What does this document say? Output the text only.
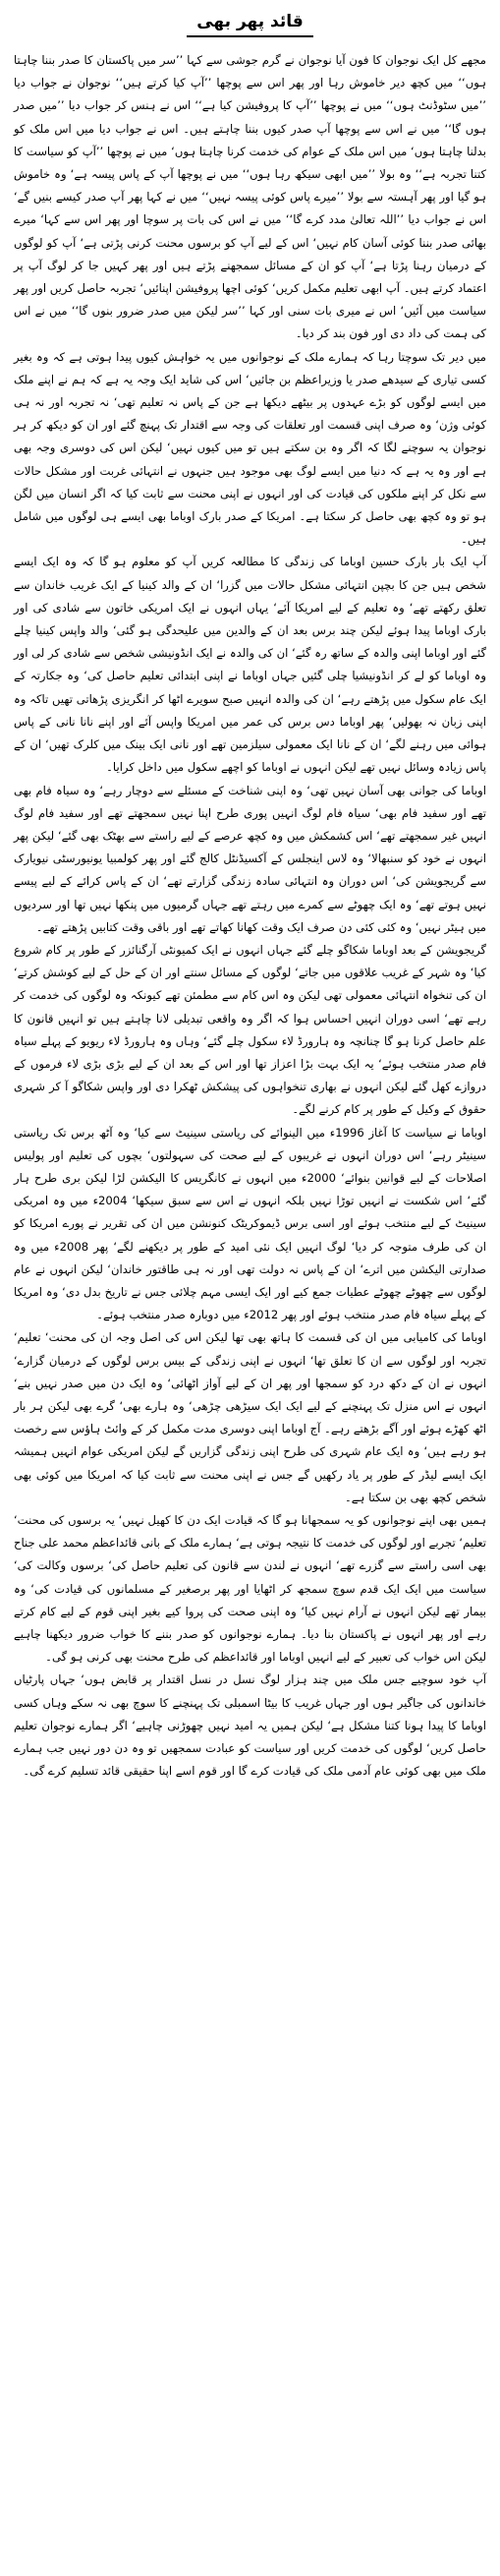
قائد پھر بھی

مجھے کل ایک نوجوان کا فون آیا نوجوان نے گرم جوشی سے کہا ’’سر میں پاکستان کا صدر بننا چاہتا ہوں‘‘ میں کچھ دیر خاموش رہا اور پھر اس سے پوچھا ’’آپ کیا کرتے ہیں‘‘ نوجوان نے جواب دیا ’’میں سٹوڈنٹ ہوں‘‘ میں نے پوچھا ’’آپ کا پروفیشن کیا ہے‘‘ اس نے ہنس کر جواب دیا ’’میں صدر ہوں گا‘‘ میں نے اس سے پوچھا آپ صدر کیوں بننا چاہتے ہیں۔ اس نے جواب دیا میں اس ملک کو بدلنا چاہتا ہوں‘ میں اس ملک کے عوام کی خدمت کرنا چاہتا ہوں‘ میں نے پوچھا ’’آپ کو سیاست کا کتنا تجربہ ہے‘‘ وہ بولا ’’میں ابھی سیکھ رہا ہوں‘‘ میں نے پوچھا آپ کے پاس پیسہ ہے‘ وہ خاموش ہو گیا اور پھر آہستہ سے بولا ’’میرے پاس کوئی پیسہ نہیں‘‘ میں نے کہا پھر آپ صدر کیسے بنیں گے‘ اس نے جواب دیا ’’اللہ تعالیٰ مدد کرے گا‘‘ میں نے اس کی بات پر سوچا اور پھر اس سے کہا‘ میرے بھائی صدر بننا کوئی آسان کام نہیں‘ اس کے لیے آپ کو برسوں محنت کرنی پڑتی ہے‘ آپ کو لوگوں کے درمیان رہنا پڑتا ہے‘ آپ کو ان کے مسائل سمجھنے پڑتے ہیں اور پھر کہیں جا کر لوگ آپ پر اعتماد کرتے ہیں۔ آپ ابھی تعلیم مکمل کریں‘ کوئی اچھا پروفیشن اپنائیں‘ تجربہ حاصل کریں اور پھر سیاست میں آئیں‘ اس نے میری بات سنی اور کہا ’’سر لیکن میں صدر ضرور بنوں گا‘‘ میں نے اس کی ہمت کی داد دی اور فون بند کر دیا۔

میں دیر تک سوچتا رہا کہ ہمارے ملک کے نوجوانوں میں یہ خواہش کیوں پیدا ہوتی ہے کہ وہ بغیر کسی تیاری کے سیدھے صدر یا وزیراعظم بن جائیں‘ اس کی شاید ایک وجہ یہ ہے کہ ہم نے اپنے ملک میں ایسے لوگوں کو بڑے عہدوں پر بیٹھے دیکھا ہے جن کے پاس نہ تعلیم تھی‘ نہ تجربہ اور نہ ہی کوئی وژن‘ وہ صرف اپنی قسمت اور تعلقات کی وجہ سے اقتدار تک پہنچ گئے اور ان کو دیکھ کر ہر نوجوان یہ سوچنے لگا کہ اگر وہ بن سکتے ہیں تو میں کیوں نہیں‘ لیکن اس کی دوسری وجہ بھی ہے اور وہ یہ ہے کہ دنیا میں ایسے لوگ بھی موجود ہیں جنہوں نے انتہائی غربت اور مشکل حالات سے نکل کر اپنے ملکوں کی قیادت کی اور انہوں نے اپنی محنت سے ثابت کیا کہ اگر انسان میں لگن ہو تو وہ کچھ بھی حاصل کر سکتا ہے۔ امریکا کے صدر بارک اوباما بھی ایسے ہی لوگوں میں شامل ہیں۔

آپ ایک بار بارک حسین اوباما کی زندگی کا مطالعہ کریں آپ کو معلوم ہو گا کہ وہ ایک ایسے شخص ہیں جن کا بچپن انتہائی مشکل حالات میں گزرا‘ ان کے والد کینیا کے ایک غریب خاندان سے تعلق رکھتے تھے‘ وہ تعلیم کے لیے امریکا آئے‘ یہاں انہوں نے ایک امریکی خاتون سے شادی کی اور بارک اوباما پیدا ہوئے لیکن چند برس بعد ان کے والدین میں علیحدگی ہو گئی‘ والد واپس کینیا چلے گئے اور اوباما اپنی والدہ کے ساتھ رہ گئے‘ ان کی والدہ نے ایک انڈونیشی شخص سے شادی کر لی اور وہ اوباما کو لے کر انڈونیشیا چلی گئیں جہاں اوباما نے اپنی ابتدائی تعلیم حاصل کی‘ وہ جکارتہ کے ایک عام سکول میں پڑھتے رہے‘ ان کی والدہ انہیں صبح سویرے اٹھا کر انگریزی پڑھاتی تھیں تاکہ وہ اپنی زبان نہ بھولیں‘ پھر اوباما دس برس کی عمر میں امریکا واپس آئے اور اپنے نانا نانی کے پاس ہوائی میں رہنے لگے‘ ان کے نانا ایک معمولی سیلزمین تھے اور نانی ایک بینک میں کلرک تھیں‘ ان کے پاس زیادہ وسائل نہیں تھے لیکن انہوں نے اوباما کو اچھے سکول میں داخل کرایا۔

اوباما کی جوانی بھی آسان نہیں تھی‘ وہ اپنی شناخت کے مسئلے سے دوچار رہے‘ وہ سیاہ فام بھی تھے اور سفید فام بھی‘ سیاہ فام لوگ انہیں پوری طرح اپنا نہیں سمجھتے تھے اور سفید فام لوگ انہیں غیر سمجھتے تھے‘ اس کشمکش میں وہ کچھ عرصے کے لیے راستے سے بھٹک بھی گئے‘ لیکن پھر انہوں نے خود کو سنبھالا‘ وہ لاس اینجلس کے آکسیڈنٹل کالج گئے اور پھر کولمبیا یونیورسٹی نیویارک سے گریجویشن کی‘ اس دوران وہ انتہائی سادہ زندگی گزارتے تھے‘ ان کے پاس کرائے کے لیے پیسے نہیں ہوتے تھے‘ وہ ایک چھوٹے سے کمرے میں رہتے تھے جہاں گرمیوں میں پنکھا نہیں تھا اور سردیوں میں ہیٹر نہیں‘ وہ کئی کئی دن صرف ایک وقت کھانا کھاتے تھے اور باقی وقت کتابیں پڑھتے تھے۔

گریجویشن کے بعد اوباما شکاگو چلے گئے جہاں انہوں نے ایک کمیونٹی آرگنائزر کے طور پر کام شروع کیا‘ وہ شہر کے غریب علاقوں میں جاتے‘ لوگوں کے مسائل سنتے اور ان کے حل کے لیے کوشش کرتے‘ ان کی تنخواہ انتہائی معمولی تھی لیکن وہ اس کام سے مطمئن تھے کیونکہ وہ لوگوں کی خدمت کر رہے تھے‘ اسی دوران انہیں احساس ہوا کہ اگر وہ واقعی تبدیلی لانا چاہتے ہیں تو انہیں قانون کا علم حاصل کرنا ہو گا چنانچہ وہ ہارورڈ لاء سکول چلے گئے‘ وہاں وہ ہارورڈ لاء ریویو کے پہلے سیاہ فام صدر منتخب ہوئے‘ یہ ایک بہت بڑا اعزاز تھا اور اس کے بعد ان کے لیے بڑی بڑی لاء فرموں کے دروازے کھل گئے لیکن انہوں نے بھاری تنخواہوں کی پیشکش ٹھکرا دی اور واپس شکاگو آ کر شہری حقوق کے وکیل کے طور پر کام کرنے لگے۔

اوباما نے سیاست کا آغاز 1996ء میں الینوائے کی ریاستی سینیٹ سے کیا‘ وہ آٹھ برس تک ریاستی سینیٹر رہے‘ اس دوران انہوں نے غریبوں کے لیے صحت کی سہولتوں‘ بچوں کی تعلیم اور پولیس اصلاحات کے لیے قوانین بنوائے‘ 2000ء میں انہوں نے کانگریس کا الیکشن لڑا لیکن بری طرح ہار گئے‘ اس شکست نے انہیں توڑا نہیں بلکہ انہوں نے اس سے سبق سیکھا‘ 2004ء میں وہ امریکی سینیٹ کے لیے منتخب ہوئے اور اسی برس ڈیموکریٹک کنونشن میں ان کی تقریر نے پورے امریکا کو ان کی طرف متوجہ کر دیا‘ لوگ انہیں ایک نئی امید کے طور پر دیکھنے لگے‘ پھر 2008ء میں وہ صدارتی الیکشن میں اترے‘ ان کے پاس نہ دولت تھی اور نہ ہی طاقتور خاندان‘ لیکن انہوں نے عام لوگوں سے چھوٹے چھوٹے عطیات جمع کیے اور ایک ایسی مہم چلائی جس نے تاریخ بدل دی‘ وہ امریکا کے پہلے سیاہ فام صدر منتخب ہوئے اور پھر 2012ء میں دوبارہ صدر منتخب ہوئے۔

اوباما کی کامیابی میں ان کی قسمت کا ہاتھ بھی تھا لیکن اس کی اصل وجہ ان کی محنت‘ تعلیم‘ تجربہ اور لوگوں سے ان کا تعلق تھا‘ انہوں نے اپنی زندگی کے بیس برس لوگوں کے درمیان گزارے‘ انہوں نے ان کے دکھ درد کو سمجھا اور پھر ان کے لیے آواز اٹھائی‘ وہ ایک دن میں صدر نہیں بنے‘ انہوں نے اس منزل تک پہنچنے کے لیے ایک ایک سیڑھی چڑھی‘ وہ ہارے بھی‘ گرے بھی لیکن ہر بار اٹھ کھڑے ہوئے اور آگے بڑھتے رہے۔ آج اوباما اپنی دوسری مدت مکمل کر کے وائٹ ہاؤس سے رخصت ہو رہے ہیں‘ وہ ایک عام شہری کی طرح اپنی زندگی گزاریں گے لیکن امریکی عوام انہیں ہمیشہ ایک ایسے لیڈر کے طور پر یاد رکھیں گے جس نے اپنی محنت سے ثابت کیا کہ امریکا میں کوئی بھی شخص کچھ بھی بن سکتا ہے۔

ہمیں بھی اپنے نوجوانوں کو یہ سمجھانا ہو گا کہ قیادت ایک دن کا کھیل نہیں‘ یہ برسوں کی محنت‘ تعلیم‘ تجربے اور لوگوں کی خدمت کا نتیجہ ہوتی ہے‘ ہمارے ملک کے بانی قائداعظم محمد علی جناح بھی اسی راستے سے گزرے تھے‘ انہوں نے لندن سے قانون کی تعلیم حاصل کی‘ برسوں وکالت کی‘ سیاست میں ایک ایک قدم سوچ سمجھ کر اٹھایا اور پھر برصغیر کے مسلمانوں کی قیادت کی‘ وہ بیمار تھے لیکن انہوں نے آرام نہیں کیا‘ وہ اپنی صحت کی پروا کیے بغیر اپنی قوم کے لیے کام کرتے رہے اور پھر انہوں نے پاکستان بنا دیا۔ ہمارے نوجوانوں کو صدر بننے کا خواب ضرور دیکھنا چاہیے لیکن اس خواب کی تعبیر کے لیے انہیں اوباما اور قائداعظم کی طرح محنت بھی کرنی ہو گی۔

آپ خود سوچیے جس ملک میں چند ہزار لوگ نسل در نسل اقتدار پر قابض ہوں‘ جہاں پارٹیاں خاندانوں کی جاگیر ہوں اور جہاں غریب کا بیٹا اسمبلی تک پہنچنے کا سوچ بھی نہ سکے وہاں کسی اوباما کا پیدا ہونا کتنا مشکل ہے‘ لیکن ہمیں یہ امید نہیں چھوڑنی چاہیے‘ اگر ہمارے نوجوان تعلیم حاصل کریں‘ لوگوں کی خدمت کریں اور سیاست کو عبادت سمجھیں تو وہ دن دور نہیں جب ہمارے ملک میں بھی کوئی عام آدمی ملک کی قیادت کرے گا اور قوم اسے اپنا حقیقی قائد تسلیم کرے گی۔
